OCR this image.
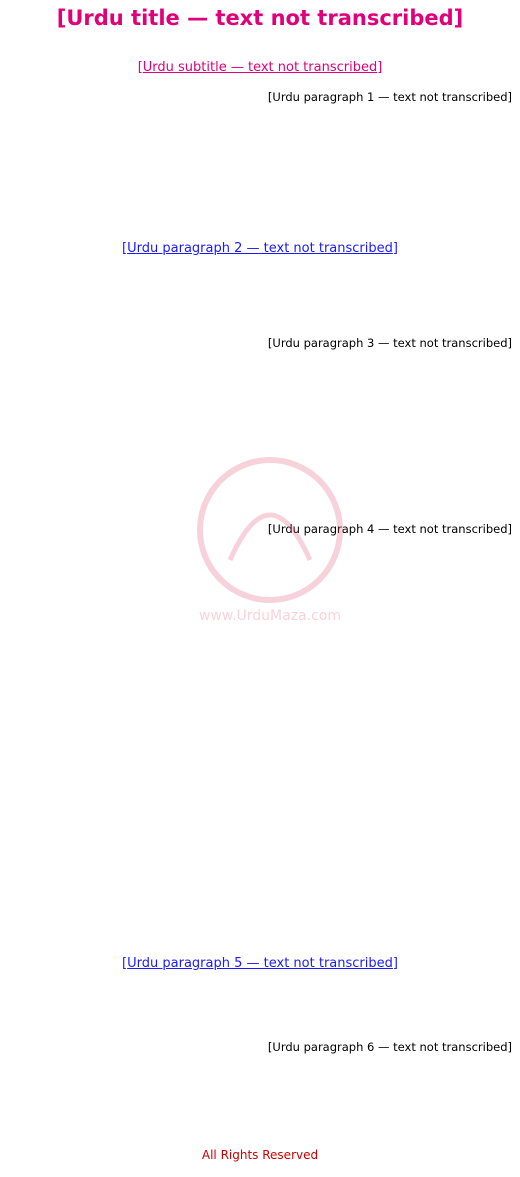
[Urdu title — text not transcribed]
[Urdu subtitle — text not transcribed]
[Urdu paragraph 1 — text not transcribed]
[Urdu paragraph 2 — text not transcribed]
[Urdu paragraph 3 — text not transcribed]
[Urdu paragraph 4 — text not transcribed]
[Urdu paragraph 5 — text not transcribed]
[Urdu paragraph 6 — text not transcribed]
www.UrduMaza.com
All Rights Reserved
